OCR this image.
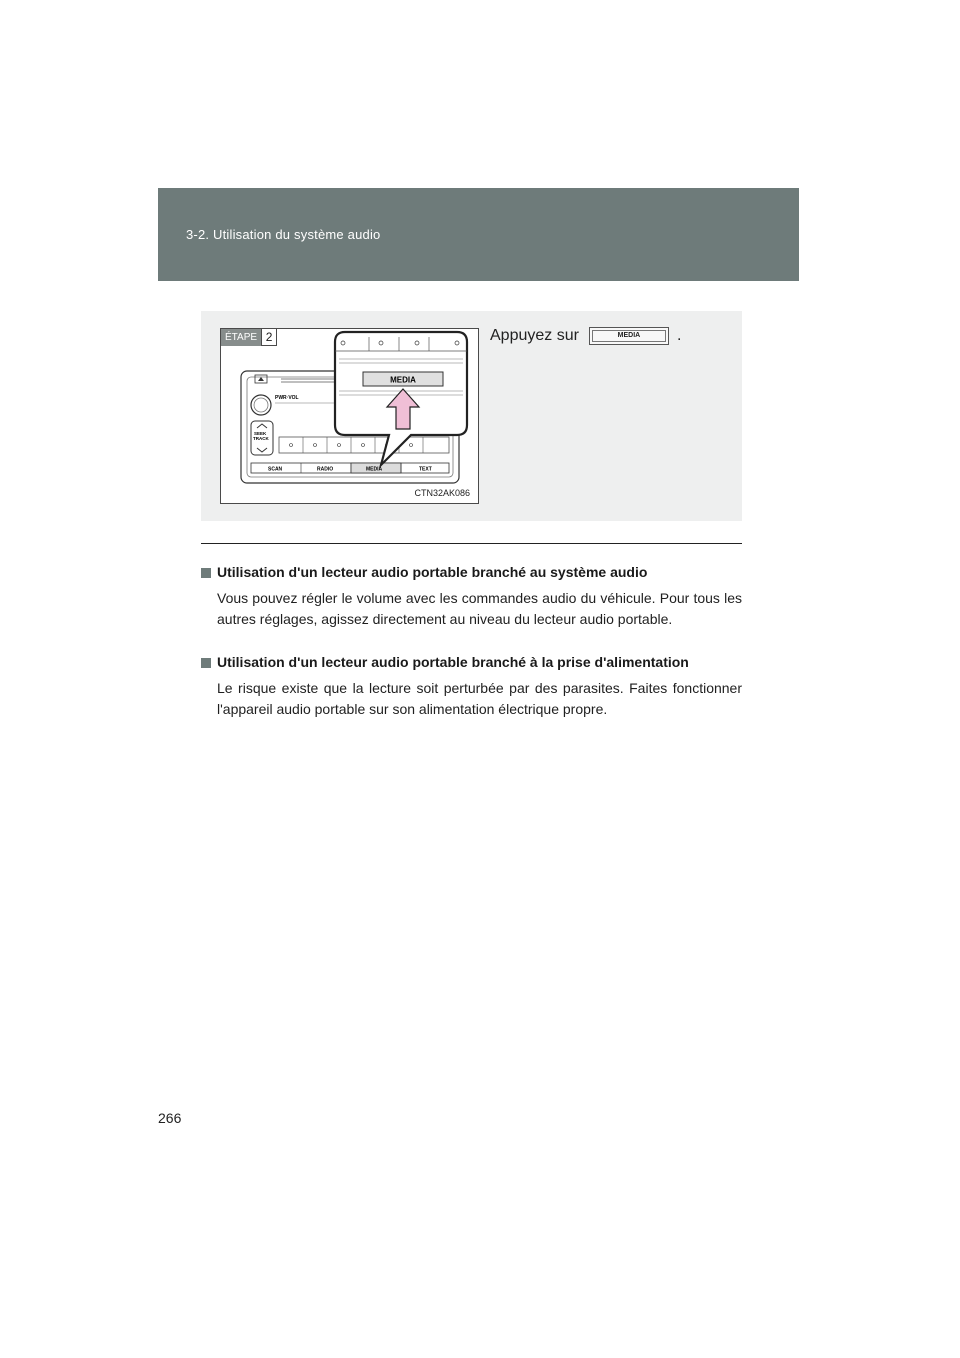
3-2. Utilisation du système audio
PWR·VOL
SEEK
TRACK
SCAN	RADIO	MEDIA	TEXT
MEDIA
ÉTAPE 2
CTN32AK086
Appuyez sur	MEDIA	.
Utilisation d'un lecteur audio portable branché au système audio
Vous pouvez régler le volume avec les commandes audio du véhicule. Pour tous les autres réglages, agissez directement au niveau du lecteur audio portable.
Utilisation d'un lecteur audio portable branché à la prise d'alimentation
Le risque existe que la lecture soit perturbée par des parasites. Faites fonctionner l'appareil audio portable sur son alimentation électrique propre.
266
